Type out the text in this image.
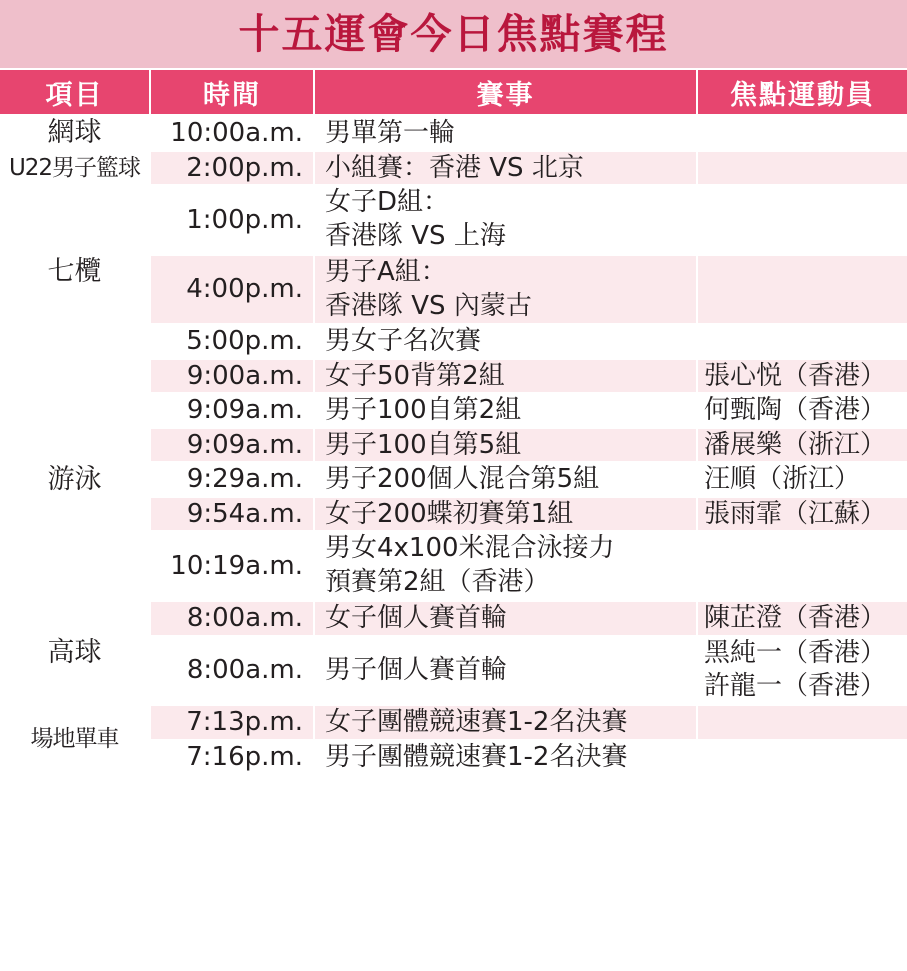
十五運會今日焦點賽程
項目	時間	賽事	焦點運動員
網球	10:00a.m.	男單第一輪	
U22男子籃球	2:00p.m.	小組賽：香港 VS 北京	
七欖	1:00p.m.	女子D組：
香港隊 VS 上海	
	4:00p.m.	男子A組：
香港隊 VS 內蒙古	
	5:00p.m.	男女子名次賽	
游泳	9:00a.m.	女子50背第2組	張心悦（香港）
	9:09a.m.	男子100自第2組	何甄陶（香港）
	9:09a.m.	男子100自第5組	潘展樂（浙江）
	9:29a.m.	男子200個人混合第5組	汪順（浙江）
	9:54a.m.	女子200蝶初賽第1組	張雨霏（江蘇）
	10:19a.m.	男女4x100米混合泳接力
預賽第2組（香港）	
高球	8:00a.m.	女子個人賽首輪	陳芷澄（香港）
	8:00a.m.	男子個人賽首輪	黑純一（香港）
許龍一（香港）
場地單車	7:13p.m.	女子團體競速賽1-2名決賽	
	7:16p.m.	男子團體競速賽1-2名決賽	
